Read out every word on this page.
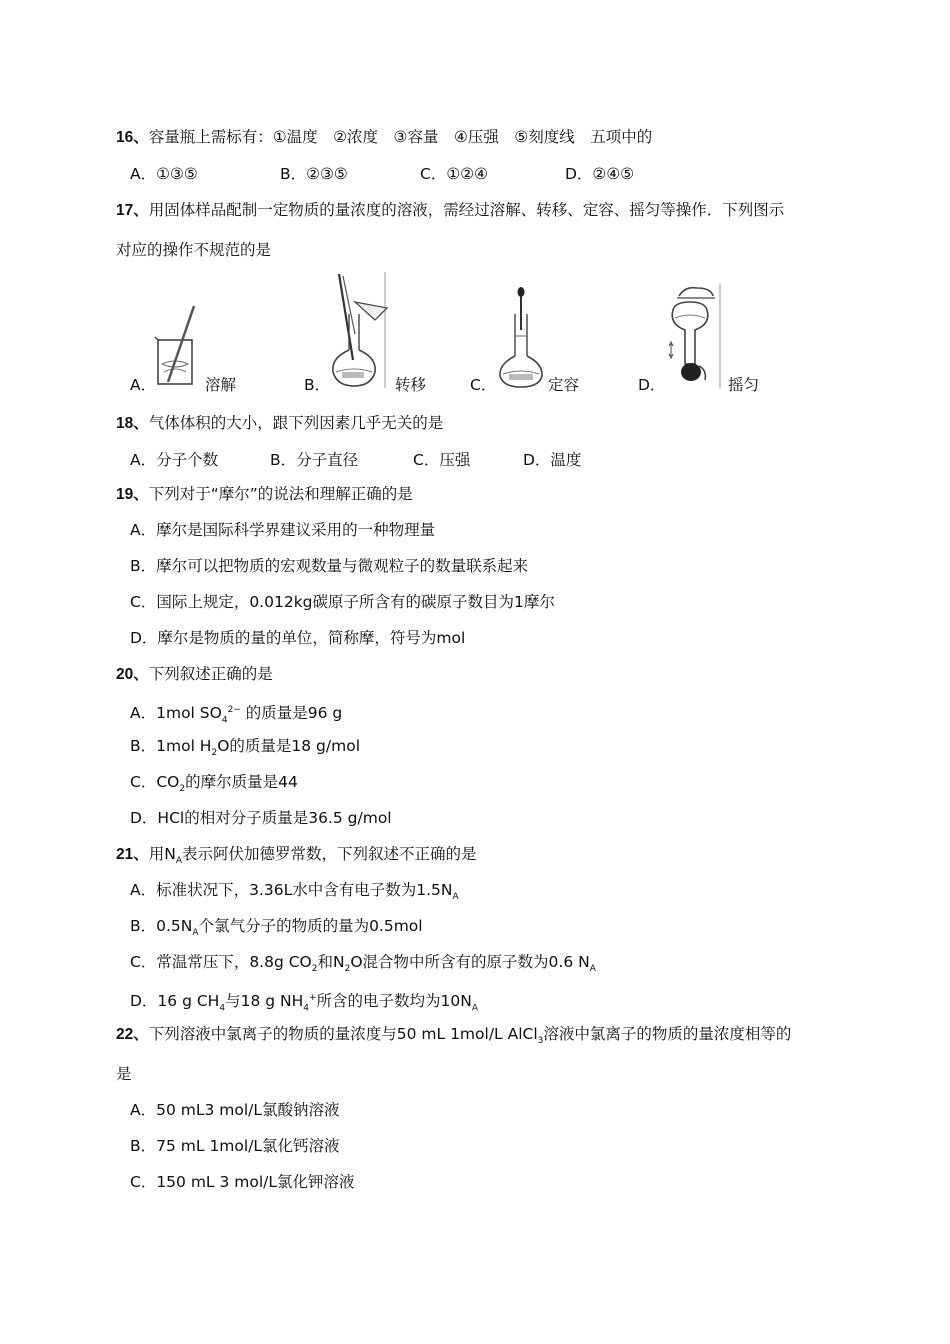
16、容量瓶上需标有：①温度　②浓度　③容量　④压强　⑤刻度线　五项中的
A．①③⑤	B．②③⑤	C．①②④	D．②④⑤
17、用固体样品配制一定物质的量浓度的溶液，需经过溶解、转移、定容、摇匀等操作．下列图示
对应的操作不规范的是
A．	溶解	B．	转移	C．	定容	D．	摇匀
18、气体体积的大小，跟下列因素几乎无关的是
A．分子个数	B．分子直径	C．压强	D．温度
19、下列对于“摩尔”的说法和理解正确的是
A．摩尔是国际科学界建议采用的一种物理量
B．摩尔可以把物质的宏观数量与微观粒子的数量联系起来
C．国际上规定，0.012kg碳原子所含有的碳原子数目为1摩尔
D．摩尔是物质的量的单位，简称摩，符号为mol
20、下列叙述正确的是
A．1mol $SO_4^{2-}$ 的质量是96 g
B．1mol $H_2O$的质量是18 g/mol
C．$CO_2$的摩尔质量是44
D．HCl的相对分子质量是36.5 g/mol
21、用$N_A$表示阿伏加德罗常数，下列叙述不正确的是
A．标准状况下，3.36L水中含有电子数为$1.5N_A$
B．$0.5N_A$个氯气分子的物质的量为0.5mol
C．常温常压下，8.8g $CO_2$和$N_2O$混合物中所含有的原子数为0.6 $N_A$
D．16 g $CH_4$与18 g $NH_4^+$所含的电子数均为$10N_A$
22、下列溶液中氯离子的物质的量浓度与50 mL 1mol/L AlCl$_3$溶液中氯离子的物质的量浓度相等的
是
A．50 mL3 mol/L氯酸钠溶液
B．75 mL 1mol/L氯化钙溶液
C．150 mL 3 mol/L氯化钾溶液
